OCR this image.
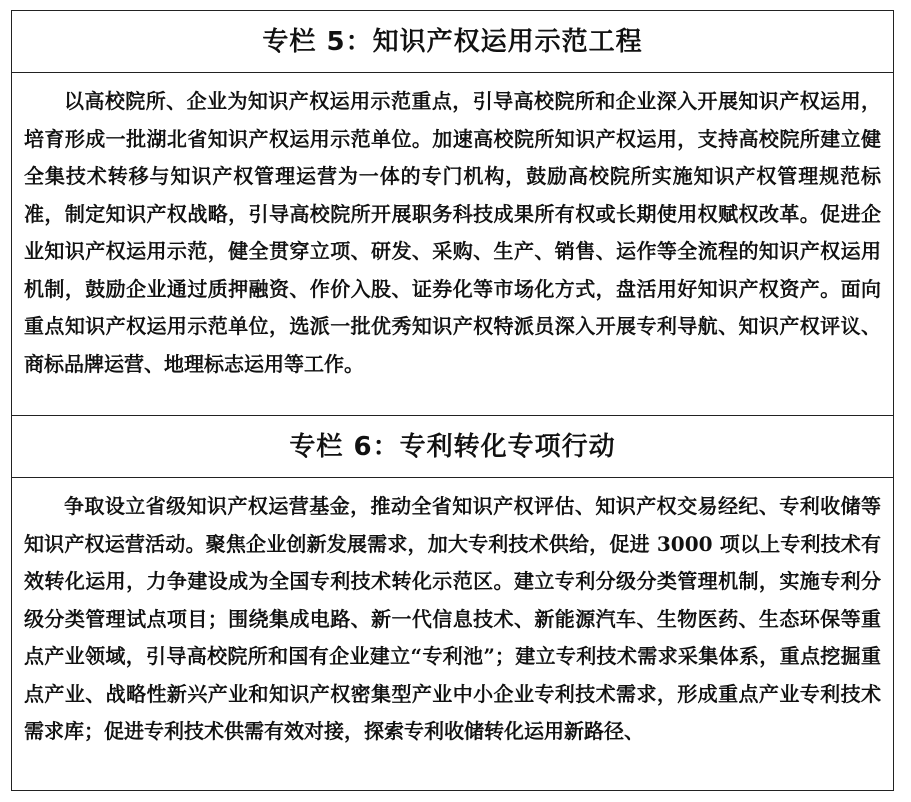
专栏 5：知识产权运用示范工程
以高校院所、企业为知识产权运用示范重点，引导高校院所和企业深入开展知识产权运用，培育形成一批湖北省知识产权运用示范单位。加速高校院所知识产权运用，支持高校院所建立健全集技术转移与知识产权管理运营为一体的专门机构，鼓励高校院所实施知识产权管理规范标准，制定知识产权战略，引导高校院所开展职务科技成果所有权或长期使用权赋权改革。促进企业知识产权运用示范，健全贯穿立项、研发、采购、生产、销售、运作等全流程的知识产权运用机制，鼓励企业通过质押融资、作价入股、证券化等市场化方式，盘活用好知识产权资产。面向重点知识产权运用示范单位，选派一批优秀知识产权特派员深入开展专利导航、知识产权评议、商标品牌运营、地理标志运用等工作。
专栏 6：专利转化专项行动
争取设立省级知识产权运营基金，推动全省知识产权评估、知识产权交易经纪、专利收储等知识产权运营活动。聚焦企业创新发展需求，加大专利技术供给，促进 3000 项以上专利技术有效转化运用，力争建设成为全国专利技术转化示范区。建立专利分级分类管理机制，实施专利分级分类管理试点项目；围绕集成电路、新一代信息技术、新能源汽车、生物医药、生态环保等重点产业领域，引导高校院所和国有企业建立“专利池”；建立专利技术需求采集体系，重点挖掘重点产业、战略性新兴产业和知识产权密集型产业中小企业专利技术需求，形成重点产业专利技术需求库；促进专利技术供需有效对接，探索专利收储转化运用新路径、
